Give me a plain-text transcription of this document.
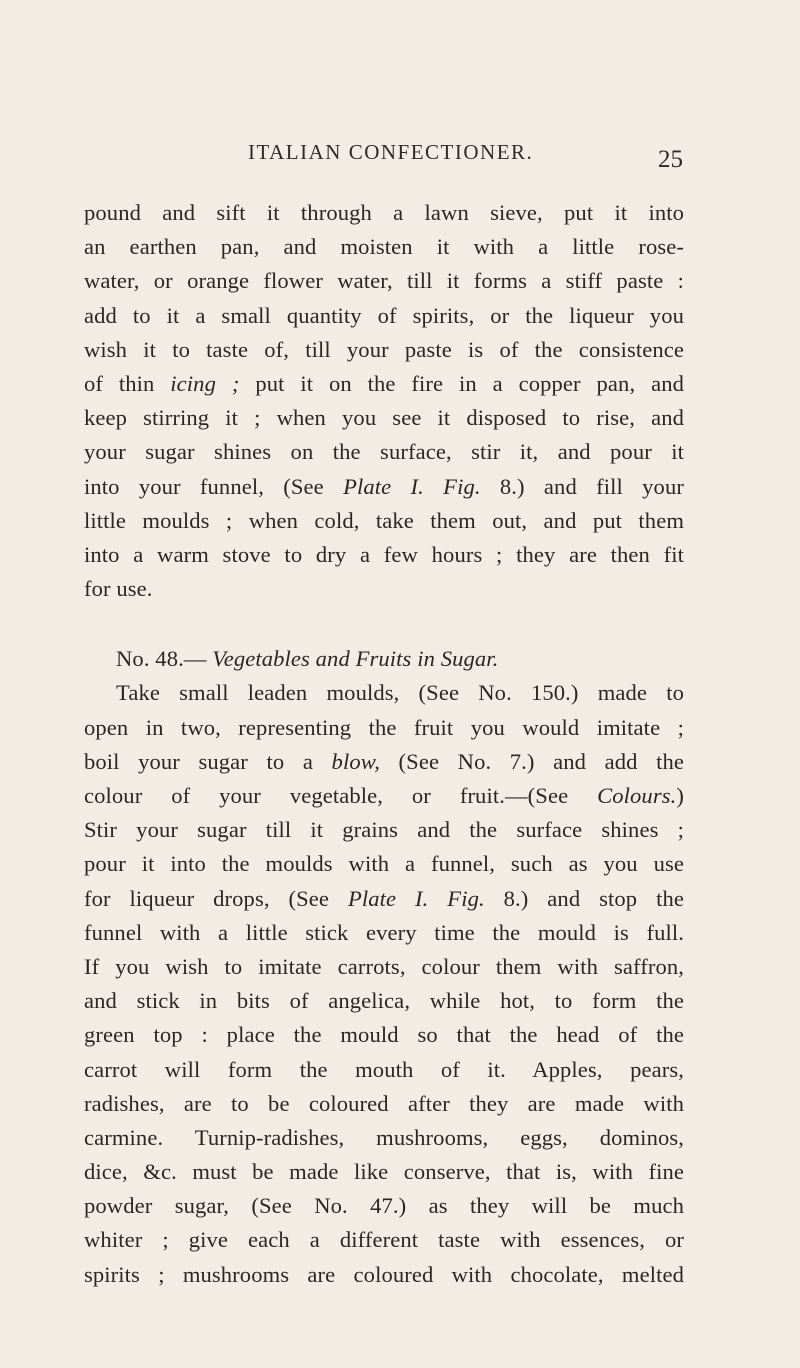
ITALIAN CONFECTIONER.	25
pound and sift it through a lawn sieve, put it into
an earthen pan, and moisten it with a little rose-
water, or orange flower water, till it forms a stiff paste :
add to it a small quantity of spirits, or the liqueur you
wish it to taste of, till your paste is of the consistence
of thin icing ; put it on the fire in a copper pan, and
keep stirring it ; when you see it disposed to rise, and
your sugar shines on the surface, stir it, and pour it
into your funnel, (See Plate I. Fig. 8.) and fill your
little moulds ; when cold, take them out, and put them
into a warm stove to dry a few hours ; they are then fit
for use.
No. 48.— Vegetables and Fruits in Sugar.
Take small leaden moulds, (See No. 150.) made to
open in two, representing the fruit you would imitate ;
boil your sugar to a blow, (See No. 7.) and add the
colour of your vegetable, or fruit.—(See Colours.)
Stir your sugar till it grains and the surface shines ;
pour it into the moulds with a funnel, such as you use
for liqueur drops, (See Plate I. Fig. 8.) and stop the
funnel with a little stick every time the mould is full.
If you wish to imitate carrots, colour them with saffron,
and stick in bits of angelica, while hot, to form the
green top : place the mould so that the head of the
carrot will form the mouth of it. Apples, pears,
radishes, are to be coloured after they are made with
carmine. Turnip-radishes, mushrooms, eggs, dominos,
dice, &c. must be made like conserve, that is, with fine
powder sugar, (See No. 47.) as they will be much
whiter ; give each a different taste with essences, or
spirits ; mushrooms are coloured with chocolate, melted
